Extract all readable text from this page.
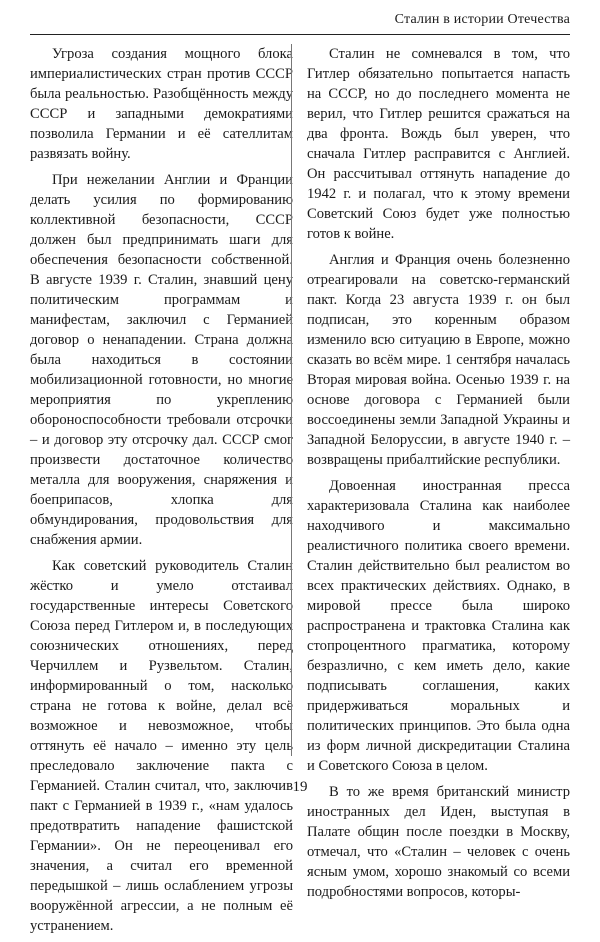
Сталин в истории Отечества

Угроза создания мощного блока империалистических стран против СССР была реальностью. Разобщённость между СССР и западными демократиями позволила Германии и её сателлитам развязать войну.

При нежелании Англии и Франции делать усилия по формированию коллективной безопасности, СССР должен был предпринимать шаги для обеспечения безопасности собственной. В августе 1939 г. Сталин, знавший цену политическим программам и манифестам, заключил с Германией договор о ненападении. Страна должна была находиться в состоянии мобилизационной готовности, но многие мероприятия по укреплению обороноспособности требовали отсрочки – и договор эту отсрочку дал. СССР смог произвести достаточное количество металла для вооружения, снаряжения и боеприпасов, хлопка для обмундирования, продовольствия для снабжения армии.

Как советский руководитель Сталин жёстко и умело отстаивал государственные интересы Советского Союза перед Гитлером и, в последующих союзнических отношениях, перед Черчиллем и Рузвельтом. Сталин, информированный о том, насколько страна не готова к войне, делал всё возможное и невозможное, чтобы оттянуть её начало – именно эту цель преследовало заключение пакта с Германией. Сталин считал, что, заключив пакт с Германией в 1939 г., «нам удалось предотвратить нападение фашистской Германии». Он не переоценивал его значения, а считал его временной передышкой – лишь ослаблением угрозы вооружённой агрессии, а не полным её устранением.

Сталин не сомневался в том, что Гитлер обязательно попытается напасть на СССР, но до последнего момента не верил, что Гитлер решится сражаться на два фронта. Вождь был уверен, что сначала Гитлер расправится с Англией. Он рассчитывал оттянуть нападение до 1942 г. и полагал, что к этому времени Советский Союз будет уже полностью готов к войне.

Англия и Франция очень болезненно отреагировали на советско-германский пакт. Когда 23 августа 1939 г. он был подписан, это коренным образом изменило всю ситуацию в Европе, можно сказать во всём мире. 1 сентября началась Вторая мировая война. Осенью 1939 г. на основе договора с Германией были воссоединены земли Западной Украины и Западной Белоруссии, в августе 1940 г. – возвращены прибалтийские республики.

Довоенная иностранная пресса характеризовала Сталина как наиболее находчивого и максимально реалистичного политика своего времени. Сталин действительно был реалистом во всех практических действиях. Однако, в мировой прессе была широко распространена и трактовка Сталина как стопроцентного прагматика, которому безразлично, с кем иметь дело, какие подписывать соглашения, каких придерживаться моральных и политических принципов. Это была одна из форм личной дискредитации Сталина и Советского Союза в целом.

В то же время британский министр иностранных дел Иден, выступая в Палате общин после поездки в Москву, отмечал, что «Сталин – человек с очень ясным умом, хорошо знакомый со всеми подробностями вопросов, которы-

19
